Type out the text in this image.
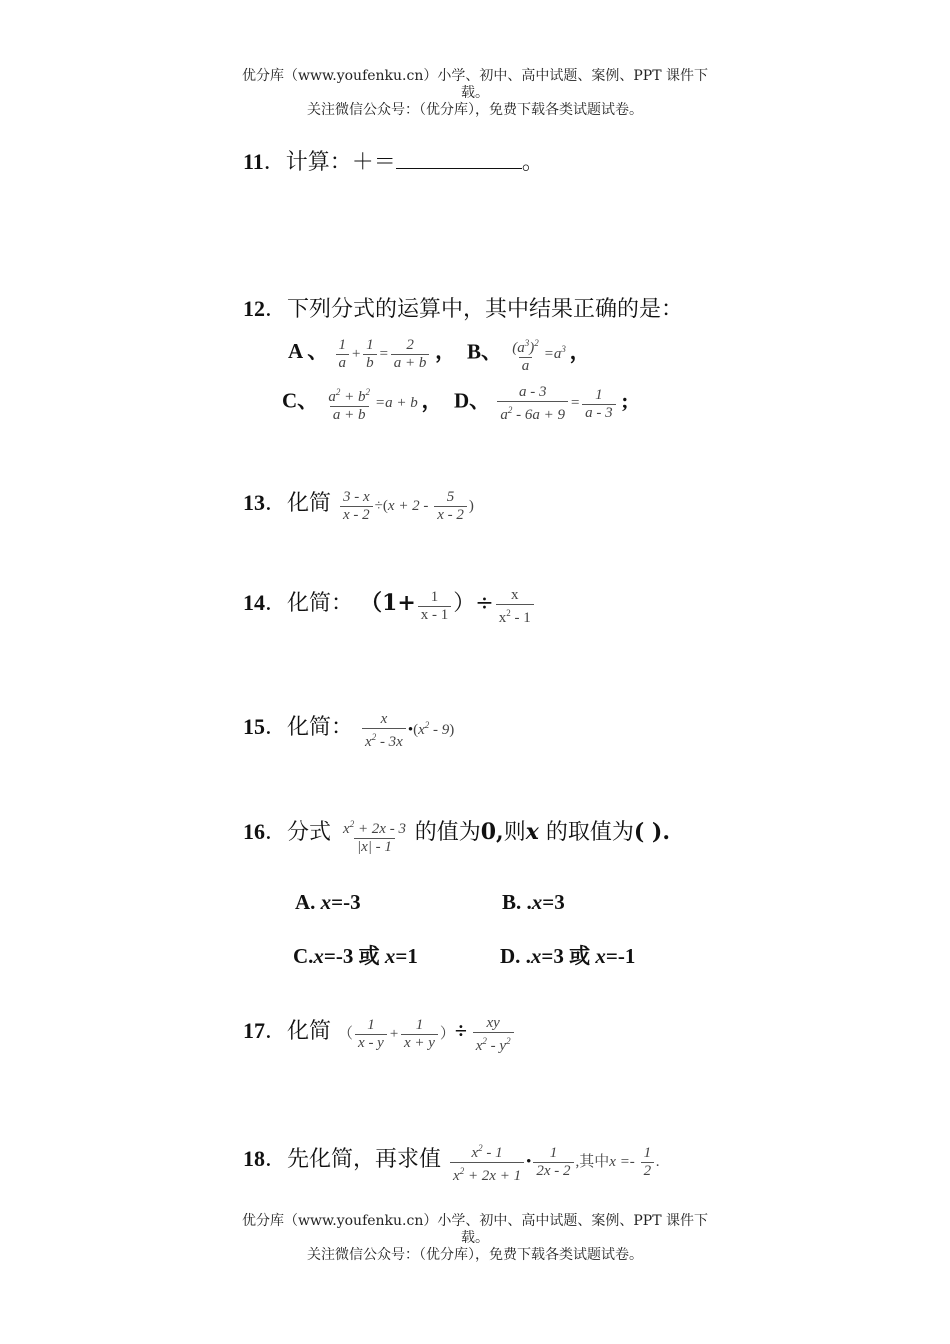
优分库（www.youfenku.cn）小学、初中、高中试题、案例、PPT 课件下
载。
关注微信公众号：（优分库），免费下载各类试题试卷。
11．计算：＋＝	。
12．下列分式的运算中，其中结果正确的是：
A 、 $\frac{1}{a} + \frac{1}{b} = \frac{2}{a + b}$ ， B、 $\frac{(a^3)^2}{a} =a^3$ ，
C、 $\frac{a^2 + b^2}{a + b} =a + b$ ， D、 $\frac{a - 3}{a^2 - 6a + 9} = \frac{1}{a - 3}$ ;
13．化简 $\frac{3 - x}{x - 2} \div(x + 2 - \frac{5}{x - 2}$ )
14．化简： （$1+ \frac{1}{x - 1}$ ）÷ $\frac{x}{x^2 - 1}$
15．化简： $\frac{x}{x^2 - 3x}$ $•(x^2 - 9)$
16．分式 $\frac{x^2 + 2x - 3}{|x| - 1}$ 的值为0,则x 的取值为( ).
A. x=-3	B. .x=3
C.x=-3 或 x=1	D. .x=3 或 x=-1
17．化简 （ $\frac{1}{x - y} + \frac{1}{x + y}$ ）÷ $\frac{xy}{x^2 - y^2}$
18．先化简，再求值 $\frac{x^2 - 1}{x^2 + 2x + 1}$ • $\frac{1}{2x - 2}$ ,其中$x =- \frac{1}{2}$ .
优分库（www.youfenku.cn）小学、初中、高中试题、案例、PPT 课件下
载。
关注微信公众号：（优分库），免费下载各类试题试卷。
